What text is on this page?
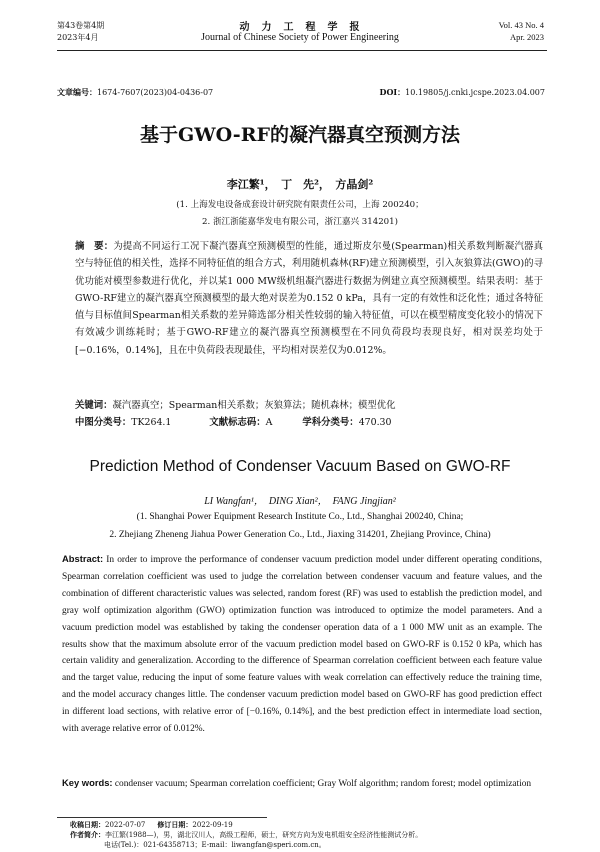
第43卷第4期
2023年4月
动　力　工　程　学　报
Journal of Chinese Society of Power Engineering
Vol. 43 No. 4
Apr. 2023
文章编号：1674-7607(2023)04-0436-07	DOI：10.19805/j.cnki.jcspe.2023.04.007
基于GWO-RF的凝汽器真空预测方法
李江繁¹，　丁　先²，　方晶剑²
(1. 上海发电设备成套设计研究院有限责任公司，上海 200240；
2. 浙江浙能嘉华发电有限公司，浙江嘉兴 314201)
摘　要：为提高不同运行工况下凝汽器真空预测模型的性能，通过斯皮尔曼(Spearman)相关系数判断凝汽器真空与特征值的相关性，选择不同特征值的组合方式，利用随机森林(RF)建立预测模型，引入灰狼算法(GWO)的寻优功能对模型参数进行优化，并以某1 000 MW级机组凝汽器进行数据为例建立真空预测模型。结果表明：基于GWO-RF建立的凝汽器真空预测模型的最大绝对误差为0.152 0 kPa，具有一定的有效性和泛化性；通过各特征值与目标值间Spearman相关系数的差异筛选部分相关性较弱的输入特征值，可以在模型精度变化较小的情况下有效减少训练耗时；基于GWO-RF建立的凝汽器真空预测模型在不同负荷段均表现良好，相对误差均处于[−0.16%，0.14%]，且在中负荷段表现最佳，平均相对误差仅为0.012%。
关键词：凝汽器真空；Spearman相关系数；灰狼算法；随机森林；模型优化
中图分类号：TK264.1	文献标志码：A	学科分类号：470.30
Prediction Method of Condenser Vacuum Based on GWO-RF
LI Wangfan¹，　DING Xian²，　FANG Jingjian²
(1. Shanghai Power Equipment Research Institute Co., Ltd., Shanghai 200240, China;
2. Zhejiang Zheneng Jiahua Power Generation Co., Ltd., Jiaxing 314201, Zhejiang Province, China)
Abstract: In order to improve the performance of condenser vacuum prediction model under different operating conditions, Spearman correlation coefficient was used to judge the correlation between condenser vacuum and feature values, and the combination of different characteristic values was selected, random forest (RF) was used to establish the prediction model, and gray wolf optimization algorithm (GWO) optimization function was introduced to optimize the model parameters. And a vacuum prediction model was established by taking the condenser operation data of a 1 000 MW unit as an example. The results show that the maximum absolute error of the vacuum prediction model based on GWO-RF is 0.152 0 kPa, which has certain validity and generalization. According to the difference of Spearman correlation coefficient between each feature value and the target value, reducing the input of some feature values with weak correlation can effectively reduce the training time, and the model accuracy changes little. The condenser vacuum prediction model based on GWO-RF has good prediction effect in different load sections, with relative error of [−0.16%, 0.14%], and the best prediction effect in intermediate load section, with average relative error of 0.012%.
Key words: condenser vacuum; Spearman correlation coefficient; Gray Wolf algorithm; random forest; model optimization
收稿日期：2022-07-07 修订日期：2022-09-19
作者简介：李江繁(1988—)，男，湖北汉川人，高级工程师，硕士，研究方向为发电机组安全经济性能测试分析。
电话(Tel.)：021-64358713；E-mail：liwangfan@speri.com.cn。
